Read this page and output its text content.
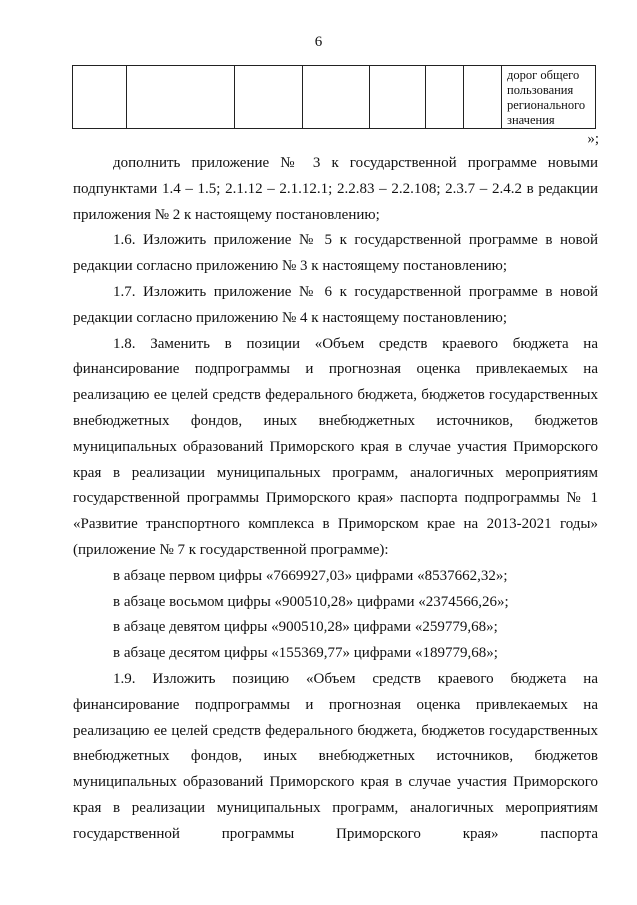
6
							дорог общего пользования регионального значения
»;

дополнить приложение № 3 к государственной программе новыми подпунктами 1.4 – 1.5; 2.1.12 – 2.1.12.1; 2.2.83 – 2.2.108; 2.3.7 – 2.4.2 в редакции приложения № 2 к настоящему постановлению;

1.6. Изложить приложение № 5 к государственной программе в новой редакции согласно приложению № 3 к настоящему постановлению;

1.7. Изложить приложение № 6 к государственной программе в новой редакции согласно приложению № 4 к настоящему постановлению;

1.8. Заменить в позиции «Объем средств краевого бюджета на финансирование подпрограммы и прогнозная оценка привлекаемых на реализацию ее целей средств федерального бюджета, бюджетов государственных внебюджетных фондов, иных внебюджетных источников, бюджетов муниципальных образований Приморского края в случае участия Приморского края в реализации муниципальных программ, аналогичных мероприятиям государственной программы Приморского края» паспорта подпрограммы № 1 «Развитие транспортного комплекса в Приморском крае на 2013-2021 годы» (приложение № 7 к государственной программе):

в абзаце первом цифры «7669927,03» цифрами «8537662,32»;

в абзаце восьмом цифры «900510,28» цифрами «2374566,26»;

в абзаце девятом цифры «900510,28» цифрами «259779,68»;

в абзаце десятом цифры «155369,77» цифрами «189779,68»;

1.9. Изложить позицию «Объем средств краевого бюджета на финансирование подпрограммы и прогнозная оценка привлекаемых на реализацию ее целей средств федерального бюджета, бюджетов государственных внебюджетных фондов, иных внебюджетных источников, бюджетов муниципальных образований Приморского края в случае участия Приморского края в реализации муниципальных программ, аналогичных мероприятиям государственной программы Приморского края» паспорта
